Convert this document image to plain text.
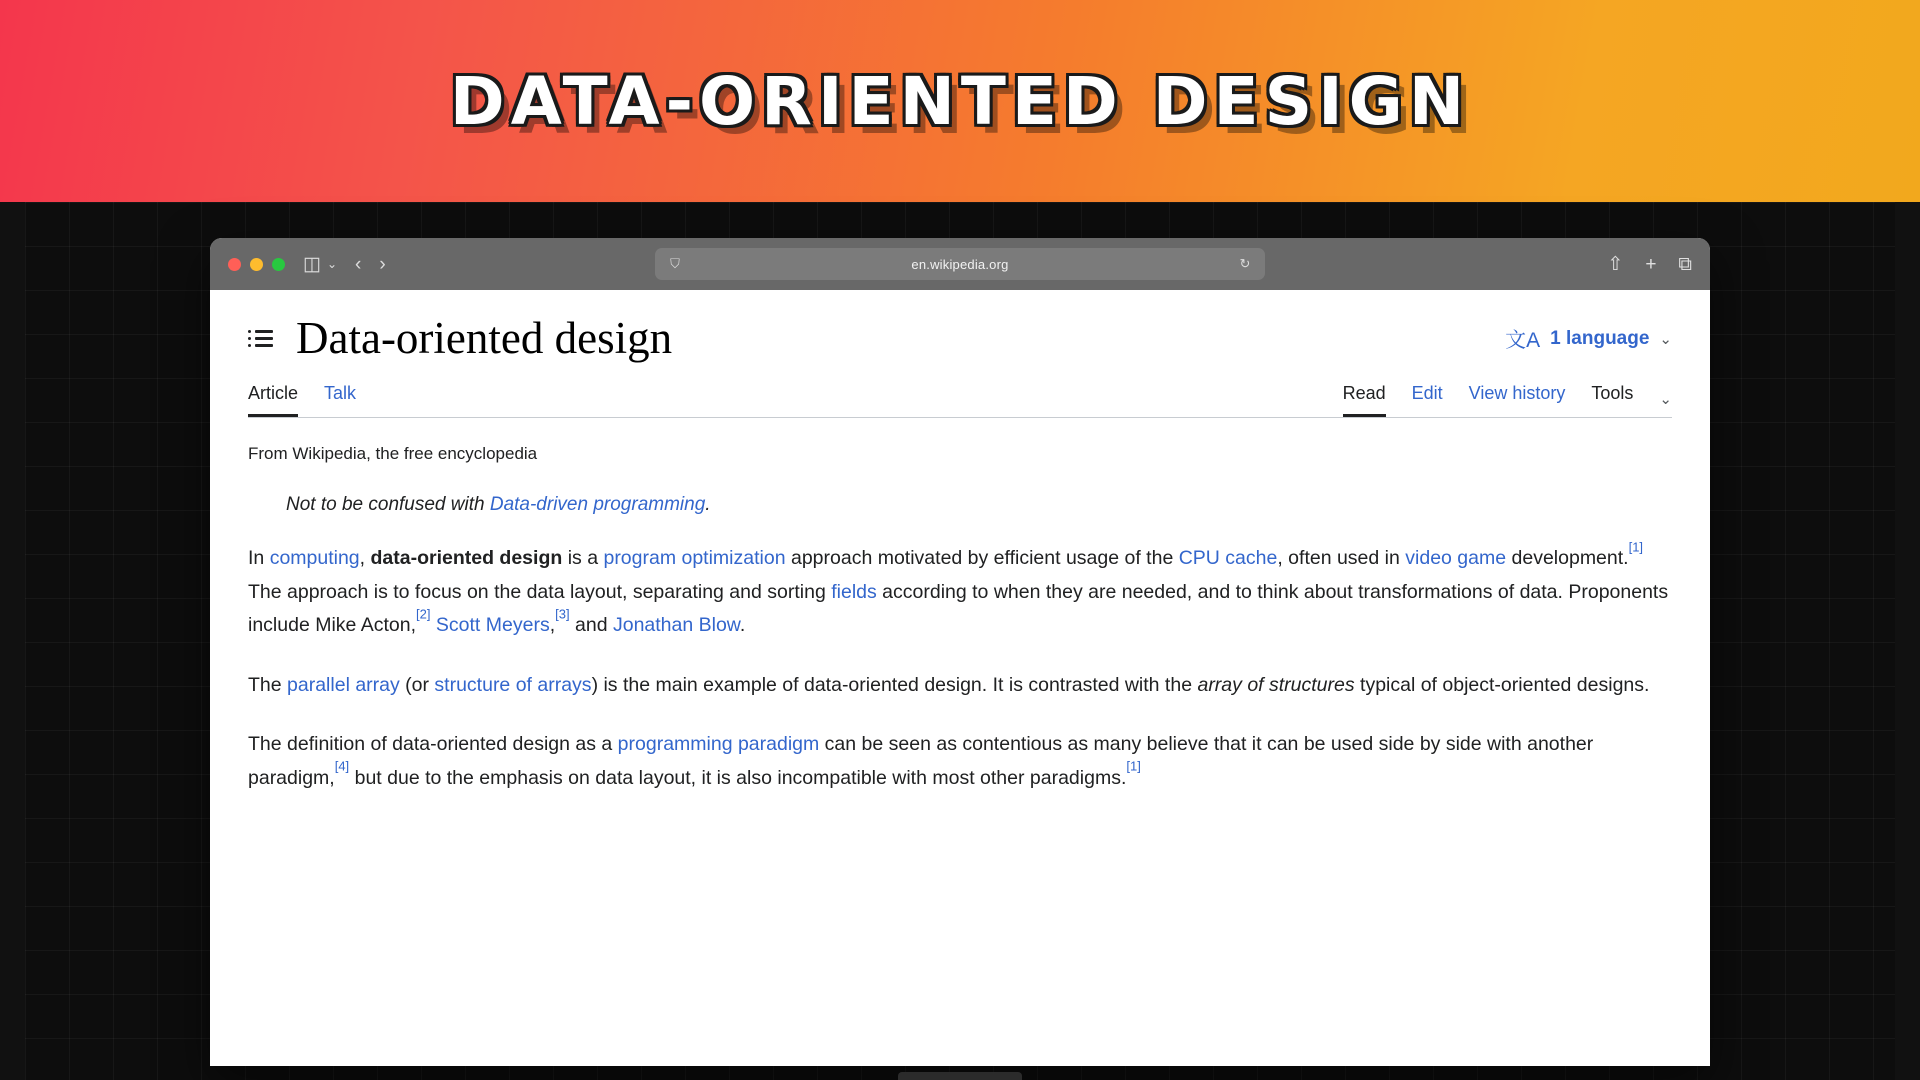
DATA-ORIENTED DESIGN
◫ ⌄ ‹ ›	⛉	en.wikipedia.org	↻	⇧ + ⧉
Data-oriented design	文A 1 language ⌄
Article Talk	Read Edit View history Tools ⌄
From Wikipedia, the free encyclopedia
Not to be confused with Data-driven programming.

In computing, data-oriented design is a program optimization approach motivated by efficient usage of the CPU cache, often used in video game development.[1] The approach is to focus on the data layout, separating and sorting fields according to when they are needed, and to think about transformations of data. Proponents include Mike Acton,[2] Scott Meyers,[3] and Jonathan Blow.

The parallel array (or structure of arrays) is the main example of data-oriented design. It is contrasted with the array of structures typical of object-oriented designs.

The definition of data-oriented design as a programming paradigm can be seen as contentious as many believe that it can be used side by side with another paradigm,[4] but due to the emphasis on data layout, it is also incompatible with most other paradigms.[1]
